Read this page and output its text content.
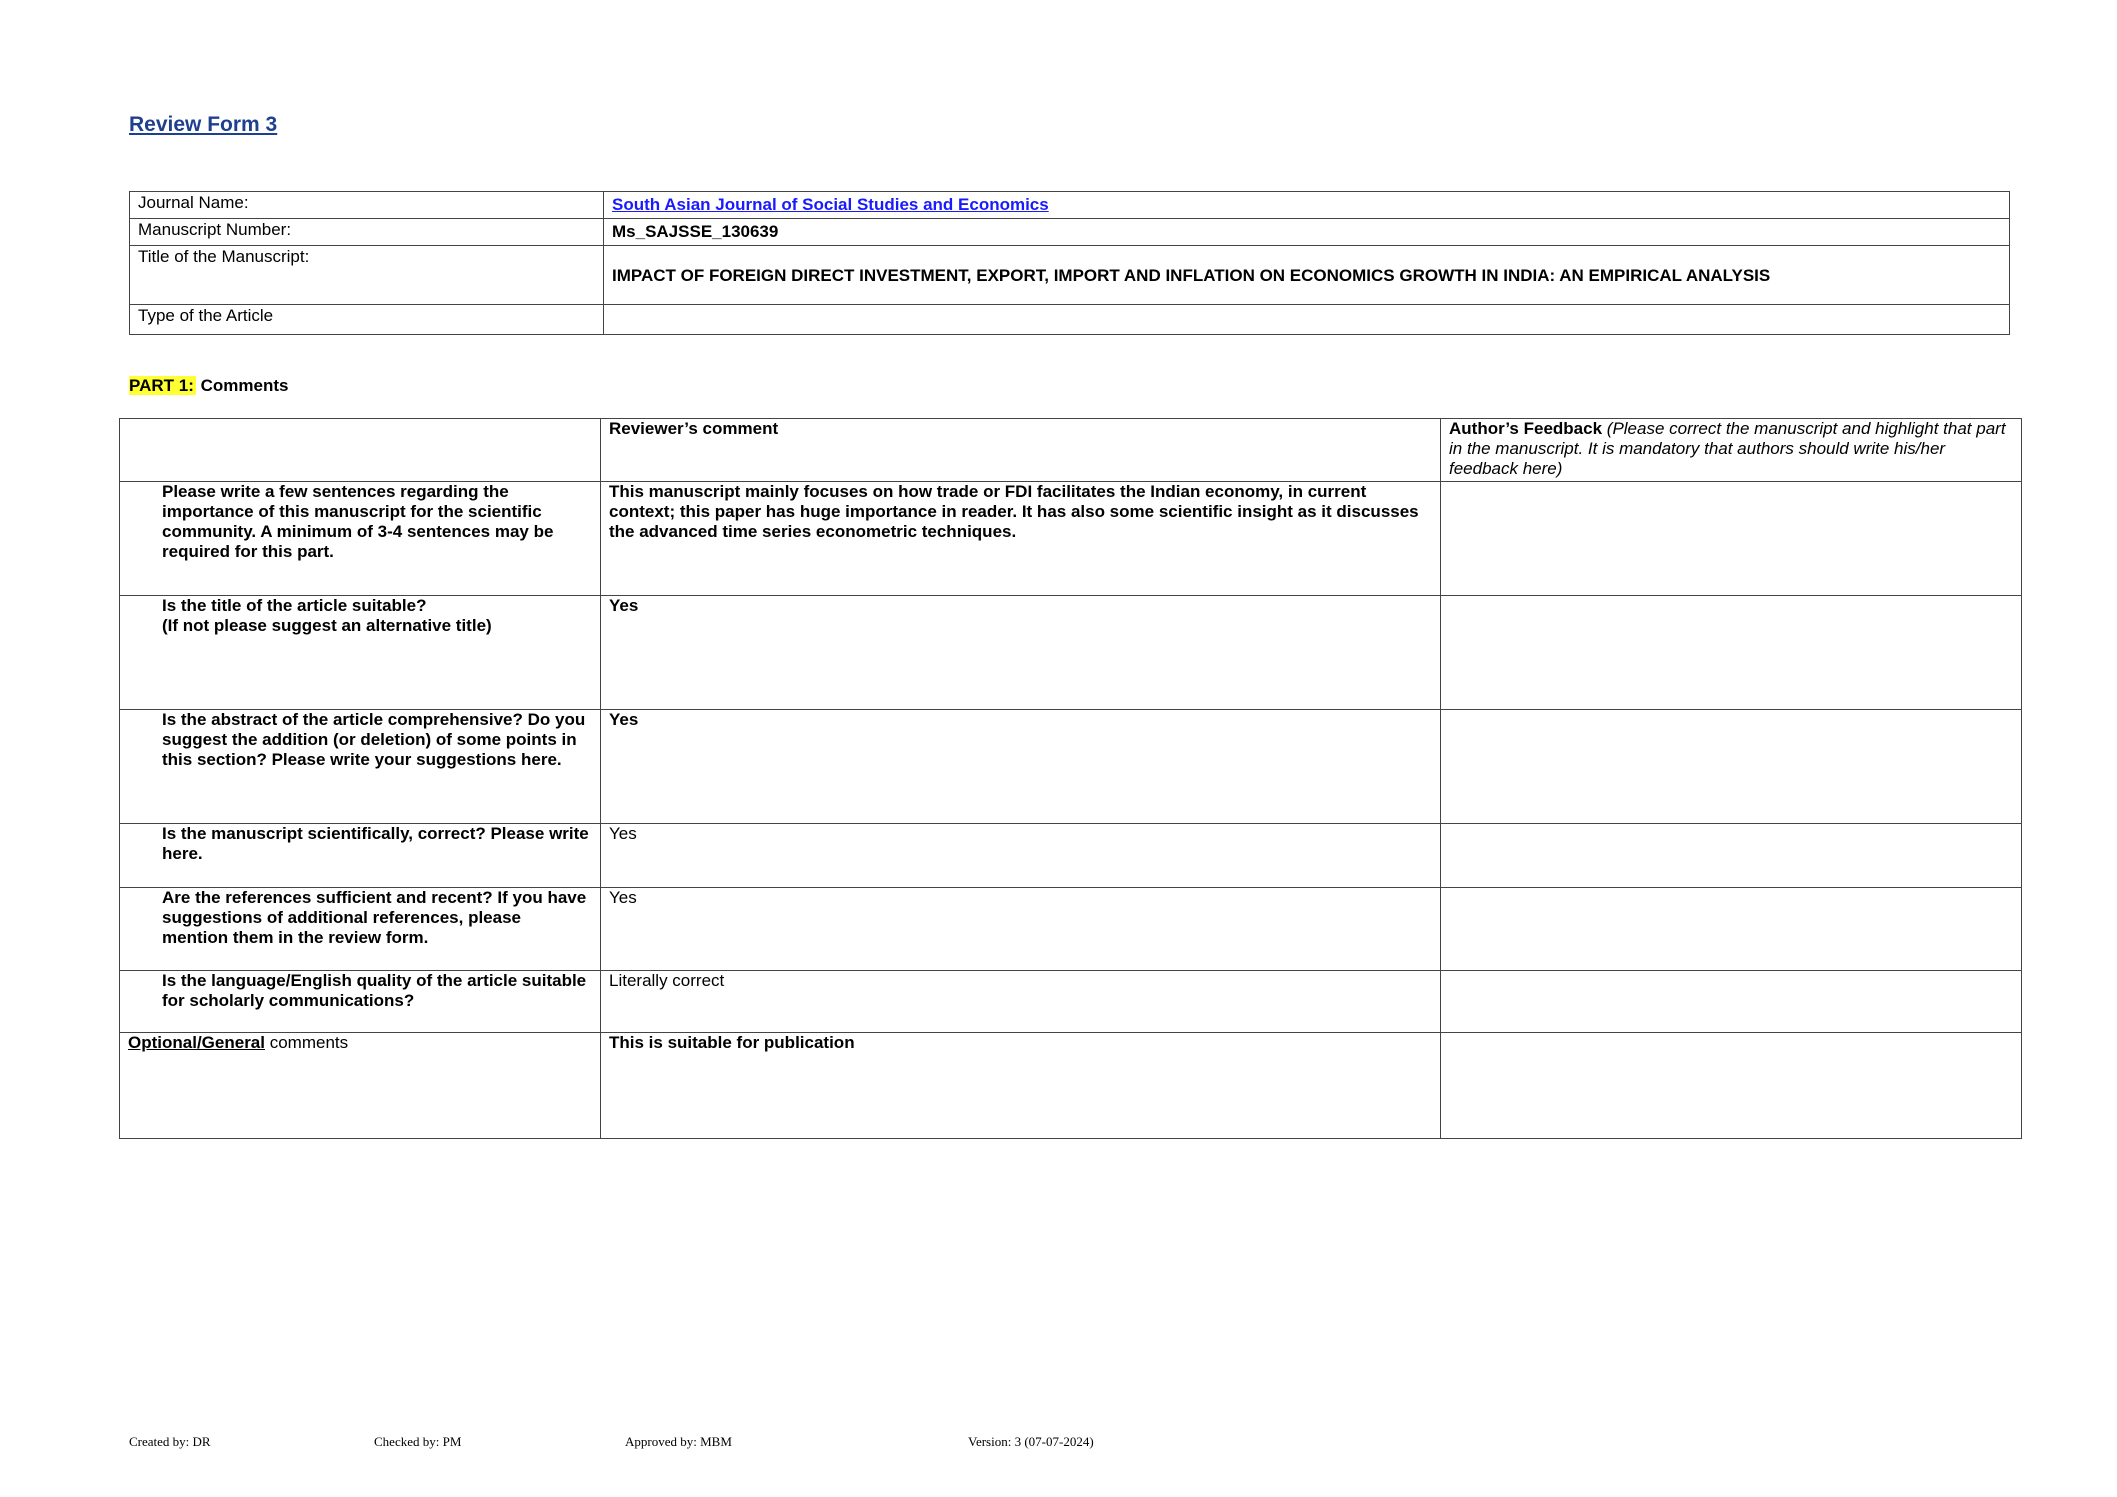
Review Form 3
Journal Name:	South Asian Journal of Social Studies and Economics
Manuscript Number:	Ms_SAJSSE_130639
Title of the Manuscript:	IMPACT OF FOREIGN DIRECT INVESTMENT, EXPORT, IMPORT AND INFLATION ON ECONOMICS GROWTH IN INDIA: AN EMPIRICAL ANALYSIS
Type of the Article	

PART 1: Comments

	Reviewer’s comment	Author’s Feedback (Please correct the manuscript and highlight that part in the manuscript. It is mandatory that authors should write his/her feedback here)
Please write a few sentences regarding the importance of this manuscript for the scientific community. A minimum of 3-4 sentences may be required for this part.	This manuscript mainly focuses on how trade or FDI facilitates the Indian economy, in current context; this paper has huge importance in reader. It has also some scientific insight as it discusses the advanced time series econometric techniques.	

Is the title of the article suitable?
(If not please suggest an alternative title)	Yes	
Is the abstract of the article comprehensive? Do you suggest the addition (or deletion) of some points in this section? Please write your suggestions here.	Yes	
Is the manuscript scientifically, correct? Please write here.	Yes	
Are the references sufficient and recent? If you have suggestions of additional references, please mention them in the review form.	Yes	
Is the language/English quality of the article suitable for scholarly communications?	Literally correct	
Optional/General comments	This is suitable for publication	
Created by: DR	Checked by: PM	Approved by: MBM	Version: 3 (07-07-2024)
